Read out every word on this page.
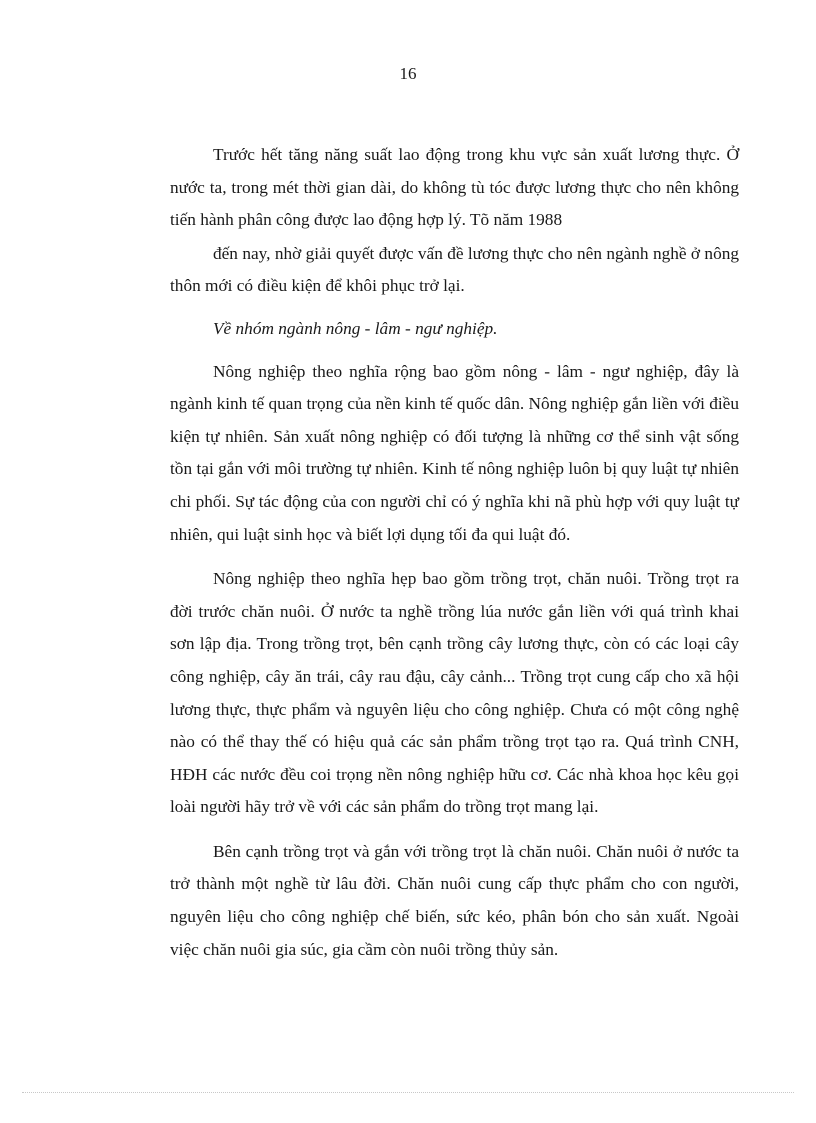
16

Trước hết tăng năng suất lao động trong khu vực sản xuất lương thực. Ở nước ta, trong mét thời gian dài, do không tù tóc được lương thực cho nên không tiến hành phân công được lao động hợp lý. Tõ năm 1988

đến nay, nhờ giải quyết được vấn đề lương thực cho nên ngành nghề ở nông thôn mới có điều kiện để khôi phục trở lại.

Về nhóm ngành nông - lâm - ngư nghiệp.

Nông nghiệp theo nghĩa rộng bao gồm nông - lâm - ngư nghiệp, đây là ngành kinh tế quan trọng của nền kinh tế quốc dân. Nông nghiệp gắn liền với điều kiện tự nhiên. Sản xuất nông nghiệp có đối tượng là những cơ thể sinh vật sống tồn tại gắn với môi trường tự nhiên. Kinh tế nông nghiệp luôn bị quy luật tự nhiên chi phối. Sự tác động của con người chỉ có ý nghĩa khi nã phù hợp với quy luật tự nhiên, qui luật sinh học và biết lợi dụng tối đa qui luật đó.

Nông nghiệp theo nghĩa hẹp bao gồm trồng trọt, chăn nuôi. Trồng trọt ra đời trước chăn nuôi. Ở nước ta nghề trồng lúa nước gắn liền với quá trình khai sơn lập địa. Trong trồng trọt, bên cạnh trồng cây lương thực, còn có các loại cây công nghiệp, cây ăn trái, cây rau đậu, cây cảnh... Trồng trọt cung cấp cho xã hội lương thực, thực phẩm và nguyên liệu cho công nghiệp. Chưa có một công nghệ nào có thể thay thế có hiệu quả các sản phẩm trồng trọt tạo ra. Quá trình CNH, HĐH các nước đều coi trọng nền nông nghiệp hữu cơ. Các nhà khoa học kêu gọi loài người hãy trở về với các sản phẩm do trồng trọt mang lại.

Bên cạnh trồng trọt và gắn với trồng trọt là chăn nuôi. Chăn nuôi ở nước ta trở thành một nghề từ lâu đời. Chăn nuôi cung cấp thực phẩm cho con người, nguyên liệu cho công nghiệp chế biến, sức kéo, phân bón cho sản xuất. Ngoài việc chăn nuôi gia súc, gia cầm còn nuôi trồng thủy sản.
